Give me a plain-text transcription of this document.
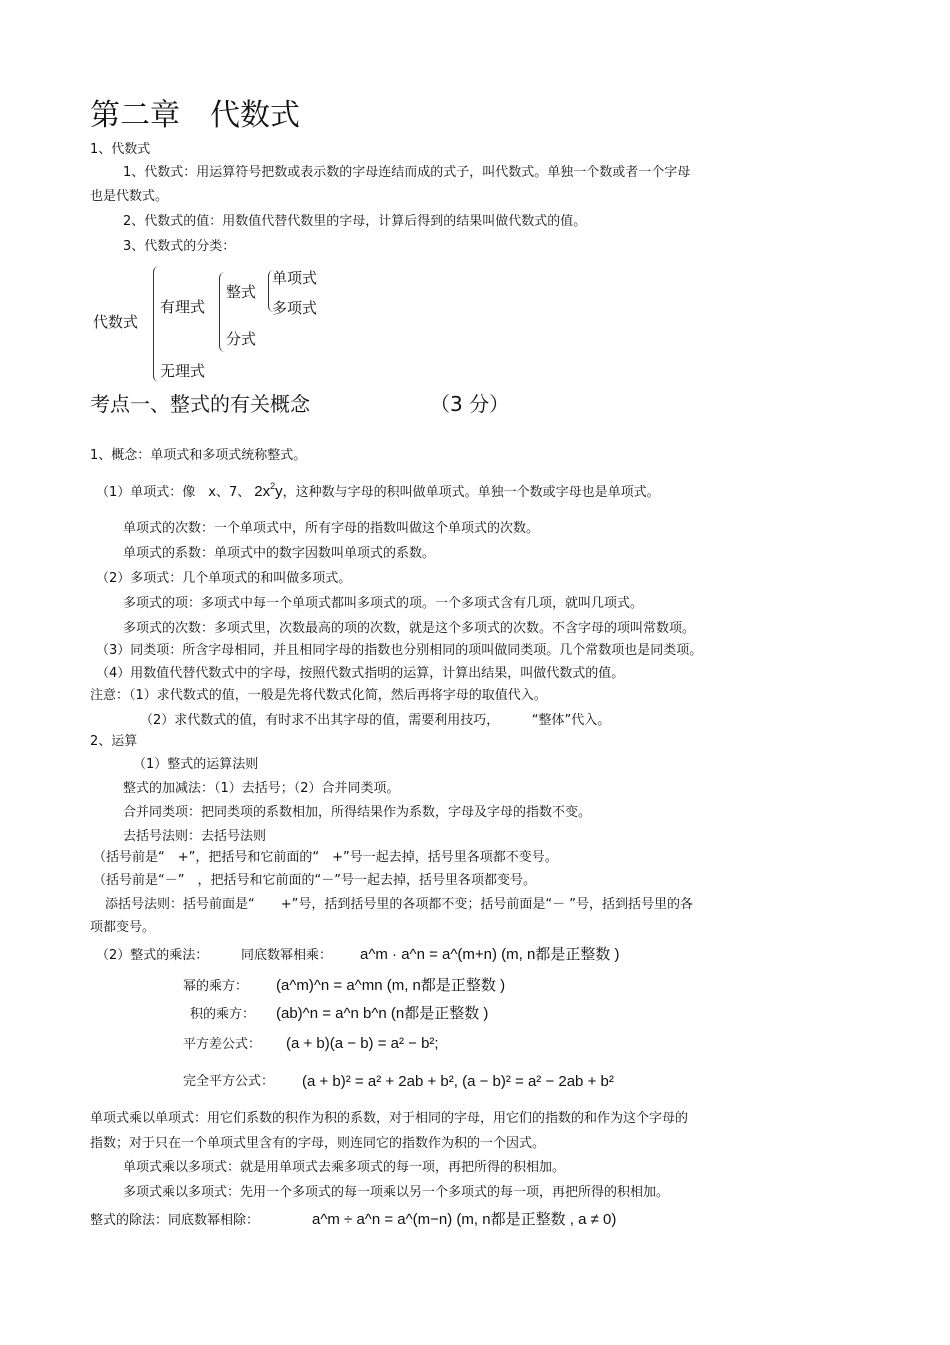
第二章　代数式
1、代数式
1、代数式：用运算符号把数或表示数的字母连结而成的式子，叫代数式。单独一个数或者一个字母
也是代数式。
2、代数式的值：用数值代替代数里的字母，计算后得到的结果叫做代数式的值。
3、代数式的分类：
代数式
有理式
整式
单项式
多项式
分式
无理式
考点一、整式的有关概念	（3 分）
1、概念：单项式和多项式统称整式。
（1）单项式：像　x、7、 $2x^2y$，这种数与字母的积叫做单项式。单独一个数或字母也是单项式。
单项式的次数：一个单项式中，所有字母的指数叫做这个单项式的次数。
单项式的系数：单项式中的数字因数叫单项式的系数。
（2）多项式：几个单项式的和叫做多项式。
多项式的项：多项式中每一个单项式都叫多项式的项。一个多项式含有几项，就叫几项式。
多项式的次数：多项式里，次数最高的项的次数，就是这个多项式的次数。不含字母的项叫常数项。
（3）同类项：所含字母相同，并且相同字母的指数也分别相同的项叫做同类项。几个常数项也是同类项。
（4）用数值代替代数式中的字母，按照代数式指明的运算，计算出结果，叫做代数式的值。
注意：（1）求代数式的值，一般是先将代数式化简，然后再将字母的取值代入。
（2）求代数式的值，有时求不出其字母的值，需要利用技巧，　　　“整体”代入。
2、运算
（1）整式的运算法则
整式的加减法：（1）去括号；（2）合并同类项。
合并同类项：把同类项的系数相加，所得结果作为系数，字母及字母的指数不变。
去括号法则：去括号法则
（括号前是“　+”，把括号和它前面的“　+”号一起去掉，括号里各项都不变号。
（括号前是“－”　，把括号和它前面的“－”号一起去掉，括号里各项都变号。
添括号法则：括号前面是“　　+”号，括到括号里的各项都不变；括号前面是“－ ”号，括到括号里的各
项都变号。
（2）整式的乘法：	同底数幂相乘： a^m · a^n = a^(m+n) (m, n都是正整数 )
幂的乘方： (a^m)^n = a^mn (m, n都是正整数 )
积的乘方： (ab)^n = a^n b^n (n都是正整数 )
平方差公式： (a + b)(a − b) = a² − b²;
完全平方公式： (a + b)² = a² + 2ab + b², (a − b)² = a² − 2ab + b²
单项式乘以单项式：用它们系数的积作为积的系数，对于相同的字母，用它们的指数的和作为这个字母的
指数；对于只在一个单项式里含有的字母，则连同它的指数作为积的一个因式。
单项式乘以多项式：就是用单项式去乘多项式的每一项，再把所得的积相加。
多项式乘以多项式：先用一个多项式的每一项乘以另一个多项式的每一项，再把所得的积相加。
整式的除法：同底数幂相除：	a^m ÷ a^n = a^(m−n) (m, n都是正整数 , a ≠ 0)
